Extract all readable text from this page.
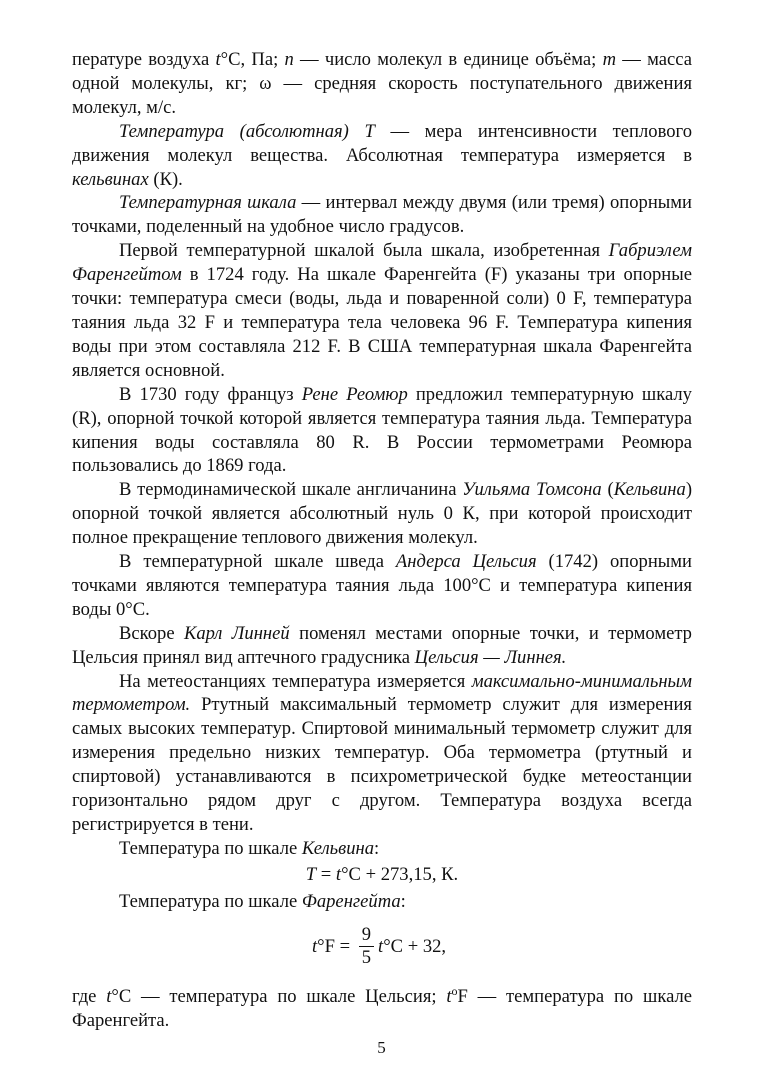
пературе воздуха t°С, Па; n — число молекул в единице объёма; m — масса одной молекулы, кг; ω — средняя скорость поступательного движения молекул, м/с.

Температура (абсолютная) Т — мера интенсивности теплового движения молекул вещества. Абсолютная температура измеряется в кельвинах (К).

Температурная шкала — интервал между двумя (или тремя) опорными точками, поделенный на удобное число градусов.

Первой температурной шкалой была шкала, изобретенная Габриэлем Фаренгейтом в 1724 году. На шкале Фаренгейта (F) указаны три опорные точки: температура смеси (воды, льда и поваренной соли) 0 F, температура таяния льда 32 F и температура тела человека 96 F. Температура кипения воды при этом составляла 212 F. В США температурная шкала Фаренгейта является основной.

В 1730 году француз Рене Реомюр предложил температурную шкалу (R), опорной точкой которой является температура таяния льда. Температура кипения воды составляла 80 R. В России термометрами Реомюра пользовались до 1869 года.

В термодинамической шкале англичанина Уильяма Томсона (Кельвина) опорной точкой является абсолютный нуль 0 К, при которой происходит полное прекращение теплового движения молекул.

В температурной шкале шведа Андерса Цельсия (1742) опорными точками являются температура таяния льда 100°С и температура кипения воды 0°С.

Вскоре Карл Линней поменял местами опорные точки, и термометр Цельсия принял вид аптечного градусника Цельсия — Линнея.

На метеостанциях температура измеряется максимально-минимальным термометром. Ртутный максимальный термометр служит для измерения самых высоких температур. Спиртовой минимальный термометр служит для измерения предельно низких температур. Оба термометра (ртутный и спиртовой) устанавливаются в психрометрической будке метеостанции горизонтально рядом друг с другом. Температура воздуха всегда регистрируется в тени.

Температура по шкале Кельвина:

T = t°C + 273,15, К.

Температура по шкале Фаренгейта:

t $^\circ F = \frac{9}{5}$ t °C + 32,

где t°С — температура по шкале Цельсия; $t^оF$ — температура по шкале Фаренгейта.

5
